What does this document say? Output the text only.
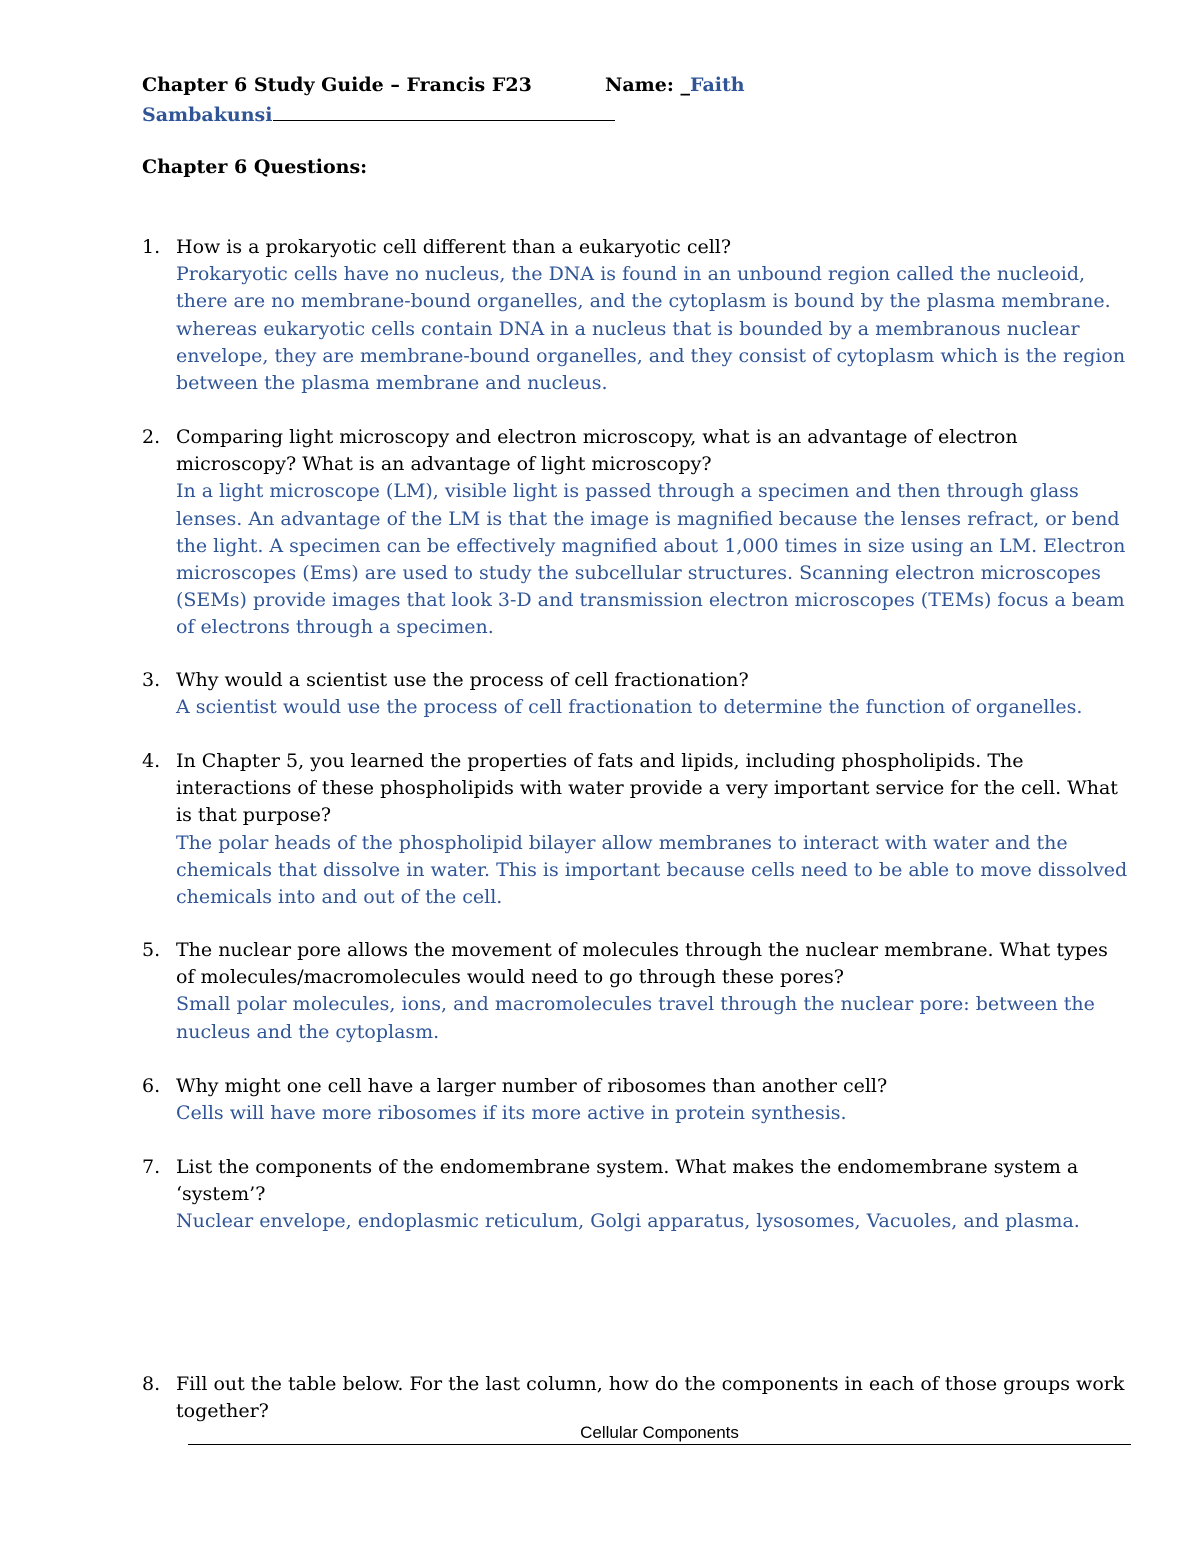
Chapter 6 Study Guide – Francis F23	Name: _Faith
Sambakunsi
Chapter 6 Questions:
1. How is a prokaryotic cell different than a eukaryotic cell?
Prokaryotic cells have no nucleus, the DNA is found in an unbound region called the nucleoid, there are no membrane-bound organelles, and the cytoplasm is bound by the plasma membrane. whereas eukaryotic cells contain DNA in a nucleus that is bounded by a membranous nuclear envelope, they are membrane-bound organelles, and they consist of cytoplasm which is the region between the plasma membrane and nucleus.
2. Comparing light microscopy and electron microscopy, what is an advantage of electron microscopy? What is an advantage of light microscopy?
In a light microscope (LM), visible light is passed through a specimen and then through glass lenses. An advantage of the LM is that the image is magnified because the lenses refract, or bend the light. A specimen can be effectively magnified about 1,000 times in size using an LM. Electron microscopes (Ems) are used to study the subcellular structures. Scanning electron microscopes (SEMs) provide images that look 3-D and transmission electron microscopes (TEMs) focus a beam of electrons through a specimen.
3. Why would a scientist use the process of cell fractionation?
A scientist would use the process of cell fractionation to determine the function of organelles.
4. In Chapter 5, you learned the properties of fats and lipids, including phospholipids. The interactions of these phospholipids with water provide a very important service for the cell. What is that purpose?
The polar heads of the phospholipid bilayer allow membranes to interact with water and the chemicals that dissolve in water. This is important because cells need to be able to move dissolved chemicals into and out of the cell.
5. The nuclear pore allows the movement of molecules through the nuclear membrane. What types of molecules/macromolecules would need to go through these pores?
Small polar molecules, ions, and macromolecules travel through the nuclear pore: between the nucleus and the cytoplasm.
6. Why might one cell have a larger number of ribosomes than another cell?
Cells will have more ribosomes if its more active in protein synthesis.
7. List the components of the endomembrane system. What makes the endomembrane system a ‘system’?
Nuclear envelope, endoplasmic reticulum, Golgi apparatus, lysosomes, Vacuoles, and plasma.
8. Fill out the table below. For the last column, how do the components in each of those groups work together?
Cellular Components
